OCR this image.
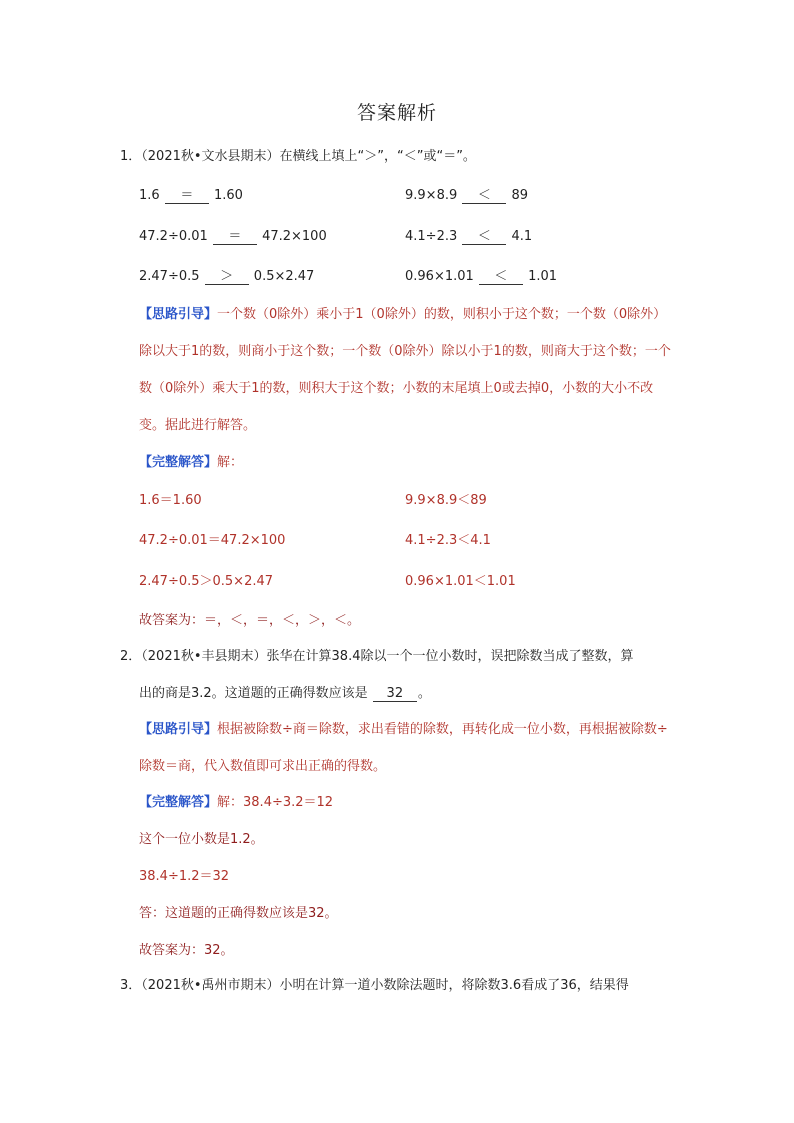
答案解析
1．（2021秋•文水县期末）在横线上填上“＞”，“＜”或“＝”。
1.6 ＝ 1.60	9.9×8.9 ＜ 89
47.2÷0.01 ＝ 47.2×100	4.1÷2.3 ＜ 4.1
2.47÷0.5 ＞ 0.5×2.47	0.96×1.01 ＜ 1.01
【思路引导】一个数（0除外）乘小于1（0除外）的数，则积小于这个数；一个数（0除外）除以大于1的数，则商小于这个数；一个数（0除外）除以小于1的数，则商大于这个数；一个数（0除外）乘大于1的数，则积大于这个数；小数的末尾填上0或去掉0，小数的大小不改变。据此进行解答。
【完整解答】解：
1.6＝1.60	9.9×8.9＜89
47.2÷0.01＝47.2×100	4.1÷2.3＜4.1
2.47÷0.5＞0.5×2.47	0.96×1.01＜1.01
故答案为：＝，＜，＝，＜，＞，＜。
2．（2021秋•丰县期末）张华在计算38.4除以一个一位小数时，误把除数当成了整数，算
出的商是3.2。这道题的正确得数应该是 32 。
【思路引导】根据被除数÷商＝除数，求出看错的除数，再转化成一位小数，再根据被除数÷除数＝商，代入数值即可求出正确的得数。
【完整解答】解：38.4÷3.2＝12
这个一位小数是1.2。
38.4÷1.2＝32
答：这道题的正确得数应该是32。
故答案为：32。
3．（2021秋•禹州市期末）小明在计算一道小数除法题时，将除数3.6看成了36，结果得
